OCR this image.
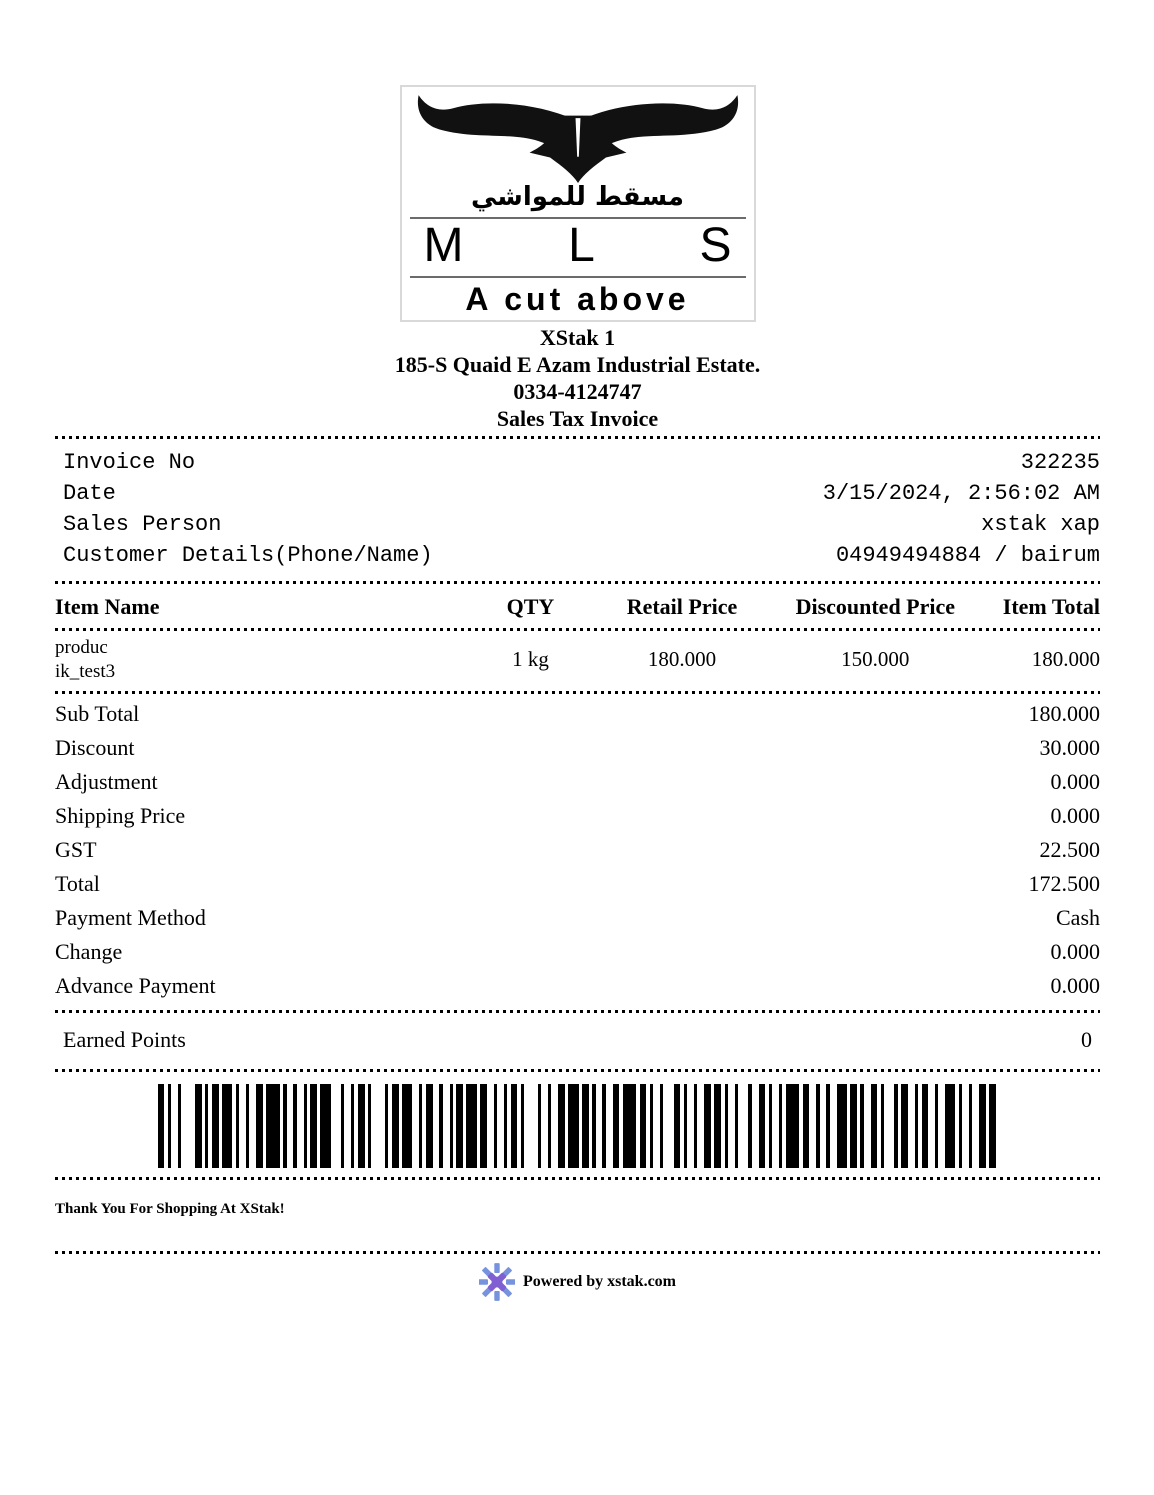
مسقط للمواشي
M L S
A cut above
XStak 1
185-S Quaid E Azam Industrial Estate.
0334-4124747
Sales Tax Invoice
Invoice No	322235
Date	3/15/2024, 2:56:02 AM
Sales Person	xstak xap
Customer Details(Phone/Name)	04949494884 / bairum
Item Name	QTY	Retail Price	Discounted Price	Item Total
produc
ik_test3	1 kg	180.000	150.000	180.000
Sub Total	180.000
Discount	30.000
Adjustment	0.000
Shipping Price	0.000
GST	22.500
Total	172.500
Payment Method	Cash
Change	0.000
Advance Payment	0.000
Earned Points	0
Thank You For Shopping At XStak!
Powered by xstak.com
